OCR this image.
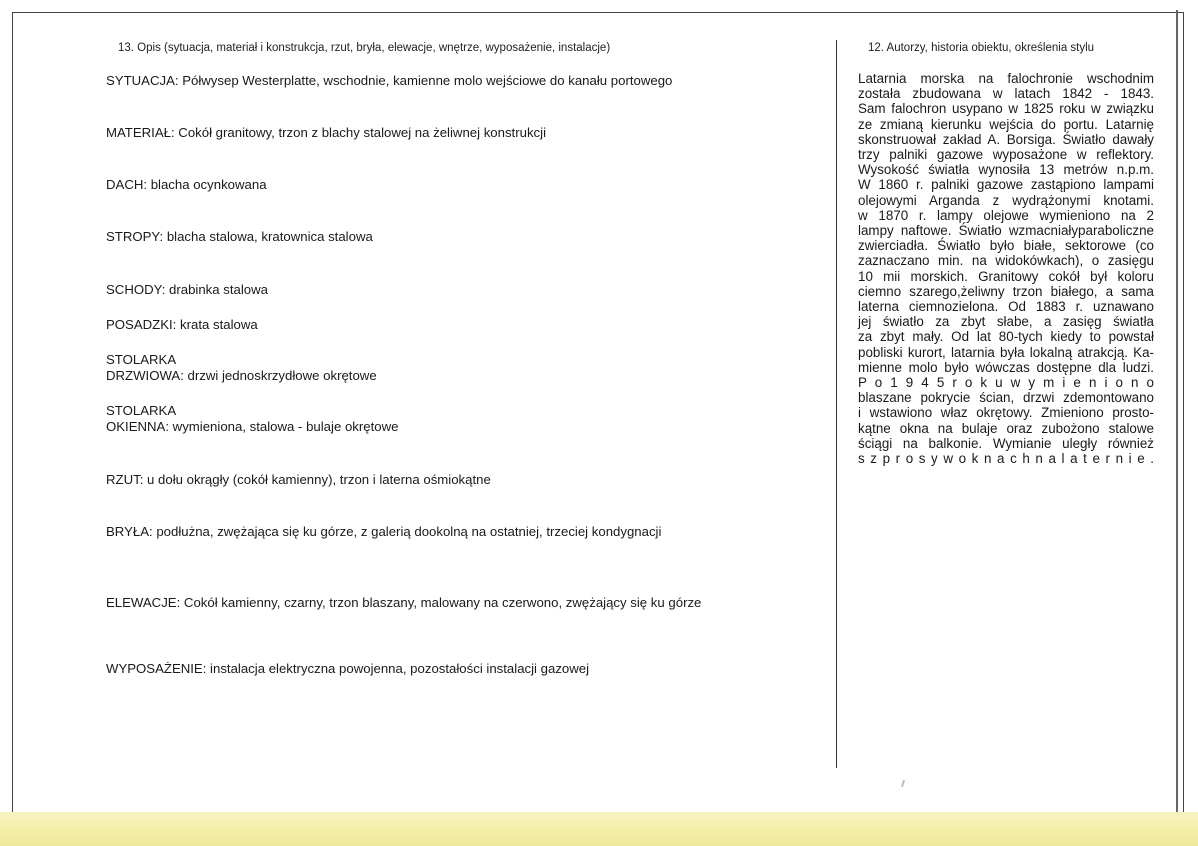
13. Opis (sytuacja, materiał i konstrukcja, rzut, bryła, elewacje, wnętrze, wyposażenie, instalacje)	12. Autorzy, historia obiektu, określenia stylu
SYTUACJA: Półwysep Westerplatte, wschodnie, kamienne molo wejściowe do kanału portowego
MATERIAŁ: Cokół granitowy, trzon z blachy stalowej na żeliwnej konstrukcji
DACH: blacha ocynkowana
STROPY: blacha stalowa, kratownica stalowa
SCHODY: drabinka stalowa
POSADZKI: krata stalowa
STOLARKA
DRZWIOWA: drzwi jednoskrzydłowe okrętowe
STOLARKA
OKIENNA: wymieniona, stalowa - bulaje okrętowe
RZUT: u dołu okrągły (cokół kamienny), trzon i laterna ośmiokątne
BRYŁA: podłużna, zwężająca się ku górze, z galerią dookolną na ostatniej, trzeciej kondygnacji
ELEWACJE: Cokół kamienny, czarny, trzon blaszany, malowany na czerwono, zwężający się ku górze
WYPOSAŻENIE: instalacja elektryczna powojenna, pozostałości instalacji gazowej
Latarnia morska na falochronie wschodnim
została zbudowana w latach 1842 - 1843.
Sam falochron usypano w 1825 roku w związku
ze zmianą kierunku wejścia do portu. Latarnię
skonstruował zakład A. Borsiga. Światło dawały
trzy palniki gazowe wyposażone w reflektory.
Wysokość światła wynosiła 13 metrów n.p.m.
W 1860 r. palniki gazowe zastąpiono lampami
olejowymi Arganda z wydrążonymi knotami.
w 1870 r. lampy olejowe wymieniono na 2
lampy naftowe. Światło wzmacniałyparaboliczne
zwierciadła. Światło było białe, sektorowe (co
zaznaczano min. na widokówkach), o zasięgu
10 mii morskich. Granitowy cokół był koloru
ciemno szarego,żeliwny trzon białego, a sama
laterna ciemnozielona. Od 1883 r. uznawano
jej światło za zbyt słabe, a zasięg światła
za zbyt mały. Od lat 80-tych kiedy to powstał
pobliski kurort, latarnia była lokalną atrakcją. Ka-
mienne molo było wówczas dostępne dla ludzi.
P o 1 9 4 5 r o k u w y m i e n i o n o
blaszane pokrycie ścian, drzwi zdemontowano
i wstawiono właz okrętowy. Zmieniono prosto-
kątne okna na bulaje oraz zubożono stalowe
ściągi na balkonie. Wymianie uległy również
s z p r o s y w o k n a c h n a l a t e r n i e .
